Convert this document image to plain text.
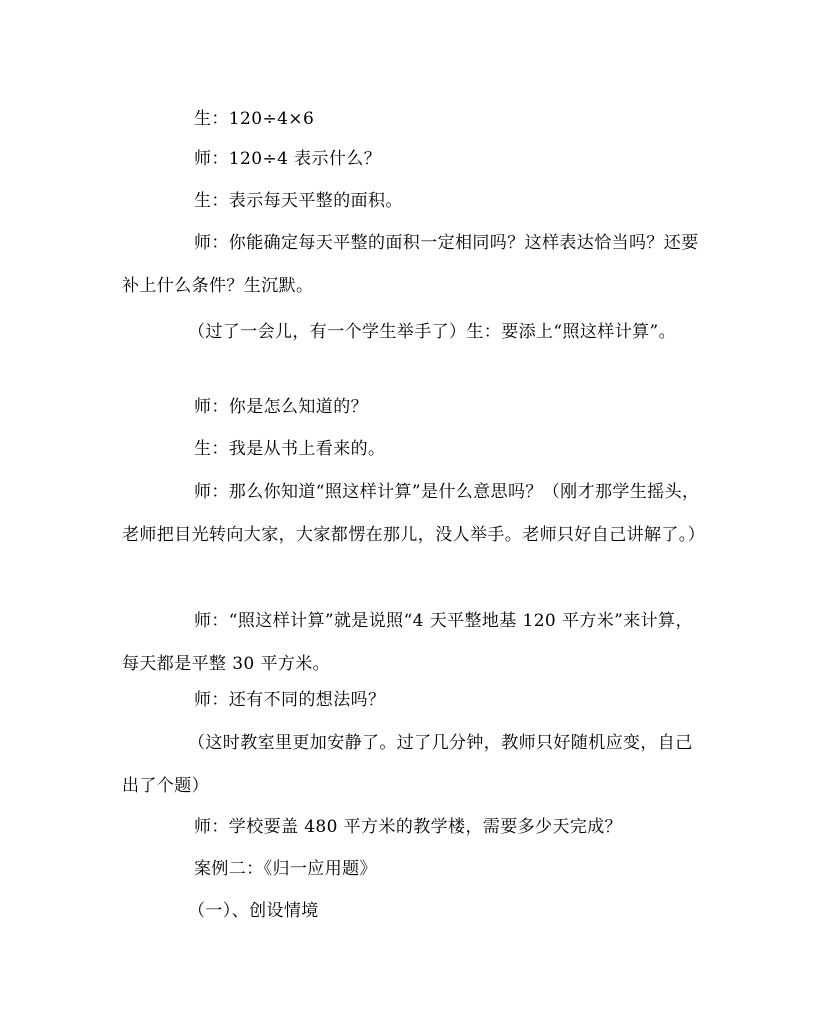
生：120÷4×6
师：120÷4 表示什么？
生：表示每天平整的面积。
师：你能确定每天平整的面积一定相同吗？这样表达恰当吗？还要补上什么条件？生沉默。
（过了一会儿，有一个学生举手了）生：要添上“照这样计算”。
师：你是怎么知道的？
生：我是从书上看来的。
师：那么你知道“照这样计算”是什么意思吗？（刚才那学生摇头，老师把目光转向大家，大家都愣在那儿，没人举手。老师只好自己讲解了。）
师：“照这样计算”就是说照“4 天平整地基 120 平方米”来计算，每天都是平整 30 平方米。
师：还有不同的想法吗？
（这时教室里更加安静了。过了几分钟，教师只好随机应变，自己出了个题）
师：学校要盖 480 平方米的教学楼，需要多少天完成？
案例二：《归一应用题》
（一）、创设情境
